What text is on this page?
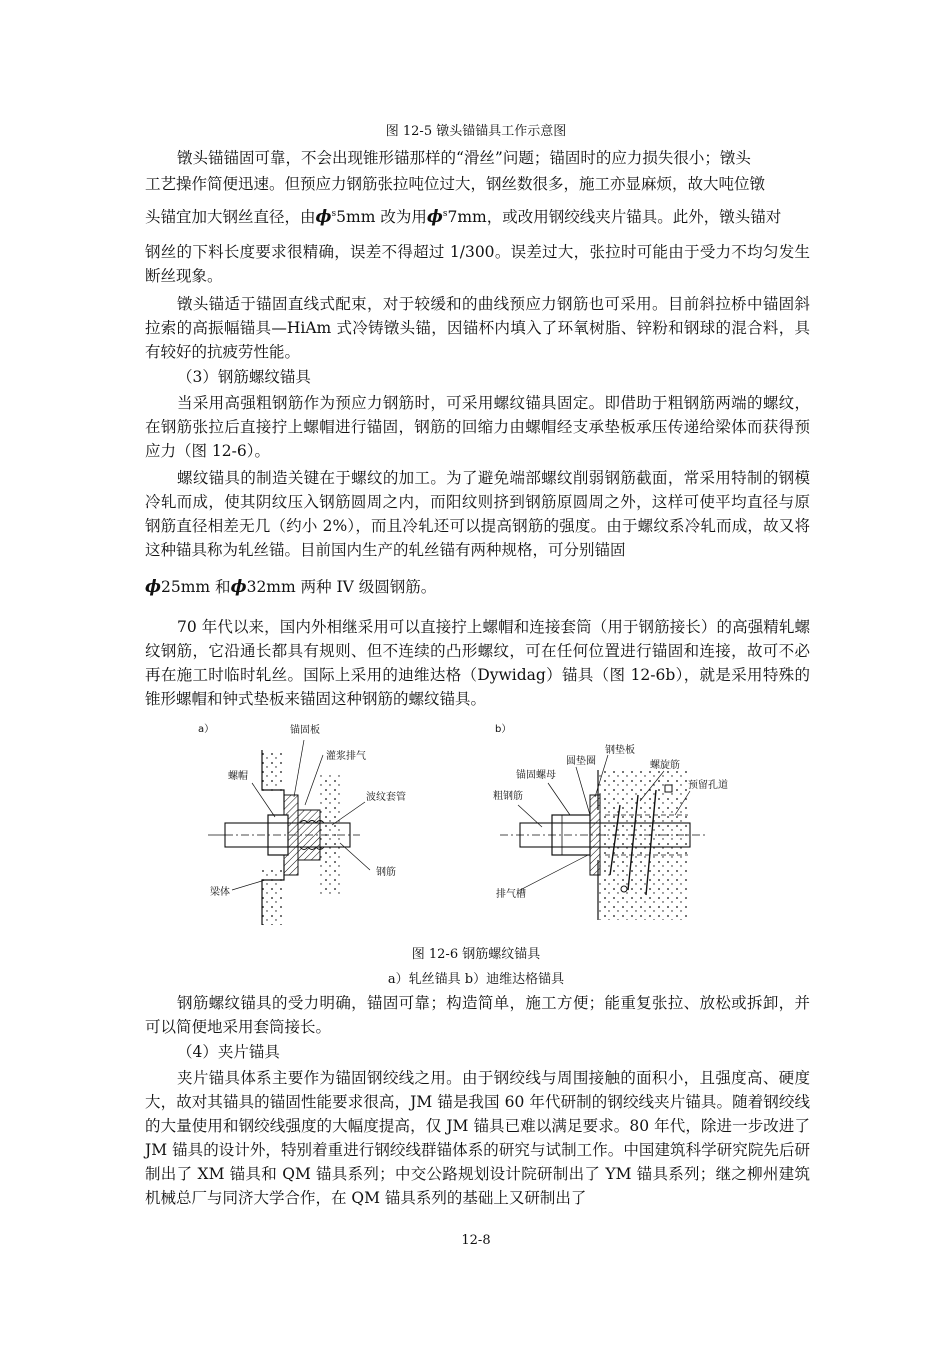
图 12-5 镦头锚锚具工作示意图
镦头锚锚固可靠，不会出现锥形锚那样的“滑丝”问题；锚固时的应力损失很小；镦头
工艺操作简便迅速。但预应力钢筋张拉吨位过大，钢丝数很多，施工亦显麻烦，故大吨位镦
头锚宜加大钢丝直径，由$\phi^s5mm$ 改为用$\phi^s7mm$，或改用钢绞线夹片锚具。此外，镦头锚对

钢丝的下料长度要求很精确，误差不得超过 1/300。误差过大，张拉时可能由于受力不均匀发生断丝现象。

镦头锚适于锚固直线式配束，对于较缓和的曲线预应力钢筋也可采用。目前斜拉桥中锚固斜拉索的高振幅锚具—HiAm 式冷铸镦头锚，因锚杯内填入了环氧树脂、锌粉和钢球的混合料，具有较好的抗疲劳性能。

（3）钢筋螺纹锚具

当采用高强粗钢筋作为预应力钢筋时，可采用螺纹锚具固定。即借助于粗钢筋两端的螺纹，在钢筋张拉后直接拧上螺帽进行锚固，钢筋的回缩力由螺帽经支承垫板承压传递给梁体而获得预应力（图 12-6）。

螺纹锚具的制造关键在于螺纹的加工。为了避免端部螺纹削弱钢筋截面，常采用特制的钢模冷轧而成，使其阴纹压入钢筋圆周之内，而阳纹则挤到钢筋原圆周之外，这样可使平均直径与原钢筋直径相差无几（约小 2%），而且冷轧还可以提高钢筋的强度。由于螺纹系冷轧而成，故又将这种锚具称为轧丝锚。目前国内生产的轧丝锚有两种规格，可分别锚固

ϕ25mm 和ϕ32mm 两种 IV 级圆钢筋。

70 年代以来，国内外相继采用可以直接拧上螺帽和连接套筒（用于钢筋接长）的高强精轧螺纹钢筋，它沿通长都具有规则、但不连续的凸形螺纹，可在任何位置进行锚固和连接，故可不必再在施工时临时轧丝。国际上采用的迪维达格（Dywidag）锚具（图 12-6b），就是采用特殊的锥形螺帽和钟式垫板来锚固这种钢筋的螺纹锚具。

a）	锚固板
灌浆排气
螺帽
波纹套管
钢筋
梁体
b）
钢垫板
圆垫圈	螺旋筋
锚固螺母
预留孔道
粗钢筋
排气槽
图 12-6 钢筋螺纹锚具
a）轧丝锚具 b）迪维达格锚具

钢筋螺纹锚具的受力明确，锚固可靠；构造简单，施工方便；能重复张拉、放松或拆卸，并可以简便地采用套筒接长。

（4）夹片锚具

夹片锚具体系主要作为锚固钢绞线之用。由于钢绞线与周围接触的面积小，且强度高、硬度大，故对其锚具的锚固性能要求很高，JM 锚是我国 60 年代研制的钢绞线夹片锚具。随着钢绞线的大量使用和钢绞线强度的大幅度提高，仅 JM 锚具已难以满足要求。80 年代，除进一步改进了 JM 锚具的设计外，特别着重进行钢绞线群锚体系的研究与试制工作。中国建筑科学研究院先后研制出了 XM 锚具和 QM 锚具系列；中交公路规划设计院研制出了 YM 锚具系列；继之柳州建筑机械总厂与同济大学合作，在 QM 锚具系列的基础上又研制出了

12-8
